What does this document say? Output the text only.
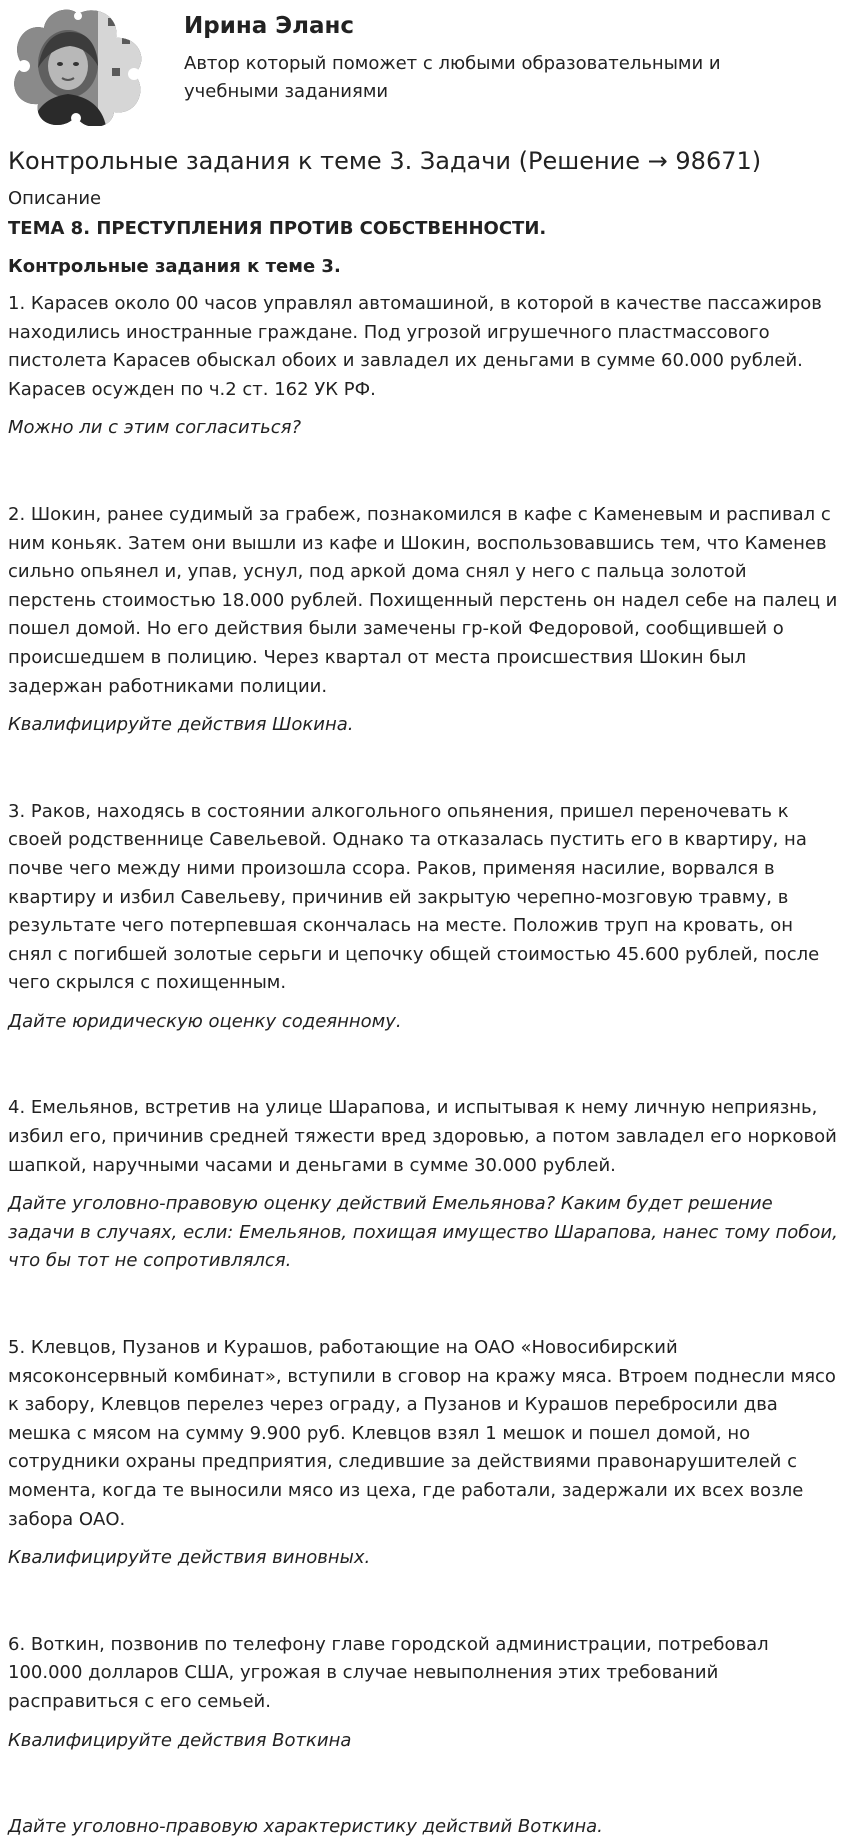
Ирина Эланс
Автор который поможет с любыми образовательными и учебными заданиями
Контрольные задания к теме 3. Задачи (Решение → 98671)
Описание
ТЕМА 8. ПРЕСТУПЛЕНИЯ ПРОТИВ СОБСТВЕННОСТИ.
Контрольные задания к теме 3.

1. Карасев около 00 часов управлял автомашиной, в которой в качестве пассажиров находились иностранные граждане. Под угрозой игрушечного пластмассового пистолета Карасев обыскал обоих и завладел их деньгами в сумме 60.000 рублей. Карасев осужден по ч.2 ст. 162 УК РФ.

Можно ли с этим согласиться?

2. Шокин, ранее судимый за грабеж, познакомился в кафе с Каменевым и распивал с ним коньяк. Затем они вышли из кафе и Шокин, воспользовавшись тем, что Каменев сильно опьянел и, упав, уснул, под аркой дома снял у него с пальца золотой перстень стоимостью 18.000 рублей. Похищенный перстень он надел себе на палец и пошел домой. Но его действия были замечены гр-кой Федоровой, сообщившей о происшедшем в полицию. Через квартал от места происшествия Шокин был задержан работниками полиции.

Квалифицируйте действия Шокина.

3. Раков, находясь в состоянии алкогольного опьянения, пришел переночевать к своей родственнице Савельевой. Однако та отказалась пустить его в квартиру, на почве чего между ними произошла ссора. Раков, применяя насилие, ворвался в квартиру и избил Савельеву, причинив ей закрытую черепно-мозговую травму, в результате чего потерпевшая скончалась на месте. Положив труп на кровать, он снял с погибшей золотые серьги и цепочку общей стоимостью 45.600 рублей, после чего скрылся с похищенным.

Дайте юридическую оценку содеянному.

4. Емельянов, встретив на улице Шарапова, и испытывая к нему личную неприязнь, избил его, причинив средней тяжести вред здоровью, а потом завладел его норковой шапкой, наручными часами и деньгами в сумме 30.000 рублей.

Дайте уголовно-правовую оценку действий Емельянова? Каким будет решение задачи в случаях, если: Емельянов, похищая имущество Шарапова, нанес тому побои, что бы тот не сопротивлялся.

5. Клевцов, Пузанов и Курашов, работающие на ОАО «Новосибирский мясоконсервный комбинат», вступили в сговор на кражу мяса. Втроем поднесли мясо к забору, Клевцов перелез через ограду, а Пузанов и Курашов перебросили два мешка с мясом на сумму 9.900 руб. Клевцов взял 1 мешок и пошел домой, но сотрудники охраны предприятия, следившие за действиями правонарушителей с момента, когда те выносили мясо из цеха, где работали, задержали их всех возле забора ОАО.

Квалифицируйте действия виновных.

6. Воткин, позвонив по телефону главе городской администрации, потребовал 100.000 долларов США, угрожая в случае невыполнения этих требований расправиться с его семьей.

Квалифицируйте действия Воткина

Дайте уголовно-правовую характеристику действий Воткина.
